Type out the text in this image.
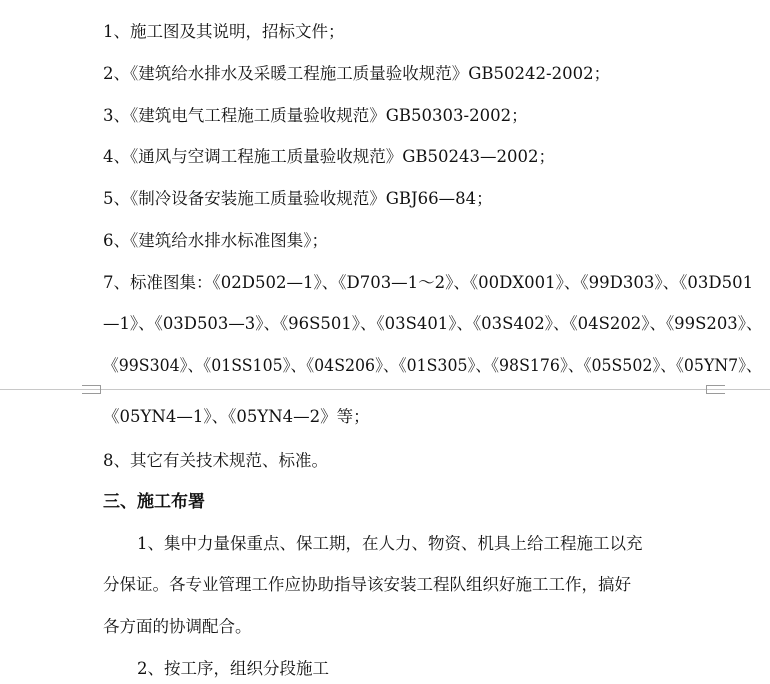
1、施工图及其说明，招标文件；
2、《建筑给水排水及采暖工程施工质量验收规范》GB50242-2002；
3、《建筑电气工程施工质量验收规范》GB50303-2002；
4、《通风与空调工程施工质量验收规范》GB50243—2002；
5、《制冷设备安装施工质量验收规范》GBJ66—84；
6、《建筑给水排水标准图集》；
7、标准图集：《02D502—1》、《D703—1～2》、《00DX001》、《99D303》、《03D501
—1》、《03D503—3》、《96S501》、《03S401》、《03S402》、《04S202》、《99S203》、
《99S304》、《01SS105》、《04S206》、《01S305》、《98S176》、《05S502》、《05YN7》、
《05YN4—1》、《05YN4—2》等；
8、其它有关技术规范、标准。
三、施工布署
1、集中力量保重点、保工期，在人力、物资、机具上给工程施工以充
分保证。各专业管理工作应协助指导该安装工程队组织好施工工作，搞好
各方面的协调配合。
2、按工序，组织分段施工
